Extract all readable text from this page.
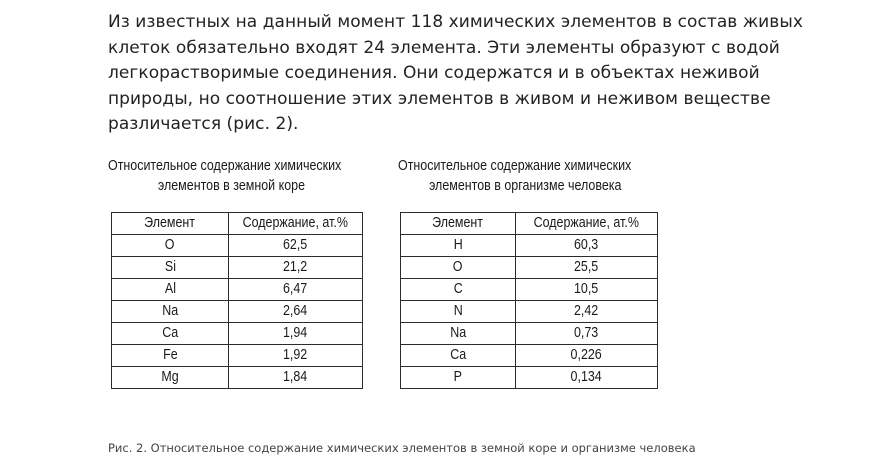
Из известных на данный момент 118 химических элементов в состав живых
клеток обязательно входят 24 элемента. Эти элементы образуют с водой
легкорастворимые соединения. Они содержатся и в объектах неживой
природы, но соотношение этих элементов в живом и неживом веществе
различается (рис. 2).

Относительное содержание химических
элементов в земной коре
Элемент	Содержание, ат.%
O	62,5
Si	21,2
Al	6,47
Na	2,64
Ca	1,94
Fe	1,92
Mg	1,84
Относительное содержание химических
элементов в организме человека
Элемент	Содержание, ат.%
H	60,3
O	25,5
C	10,5
N	2,42
Na	0,73
Ca	0,226
P	0,134
Рис. 2. Относительное содержание химических элементов в земной коре и организме человека
